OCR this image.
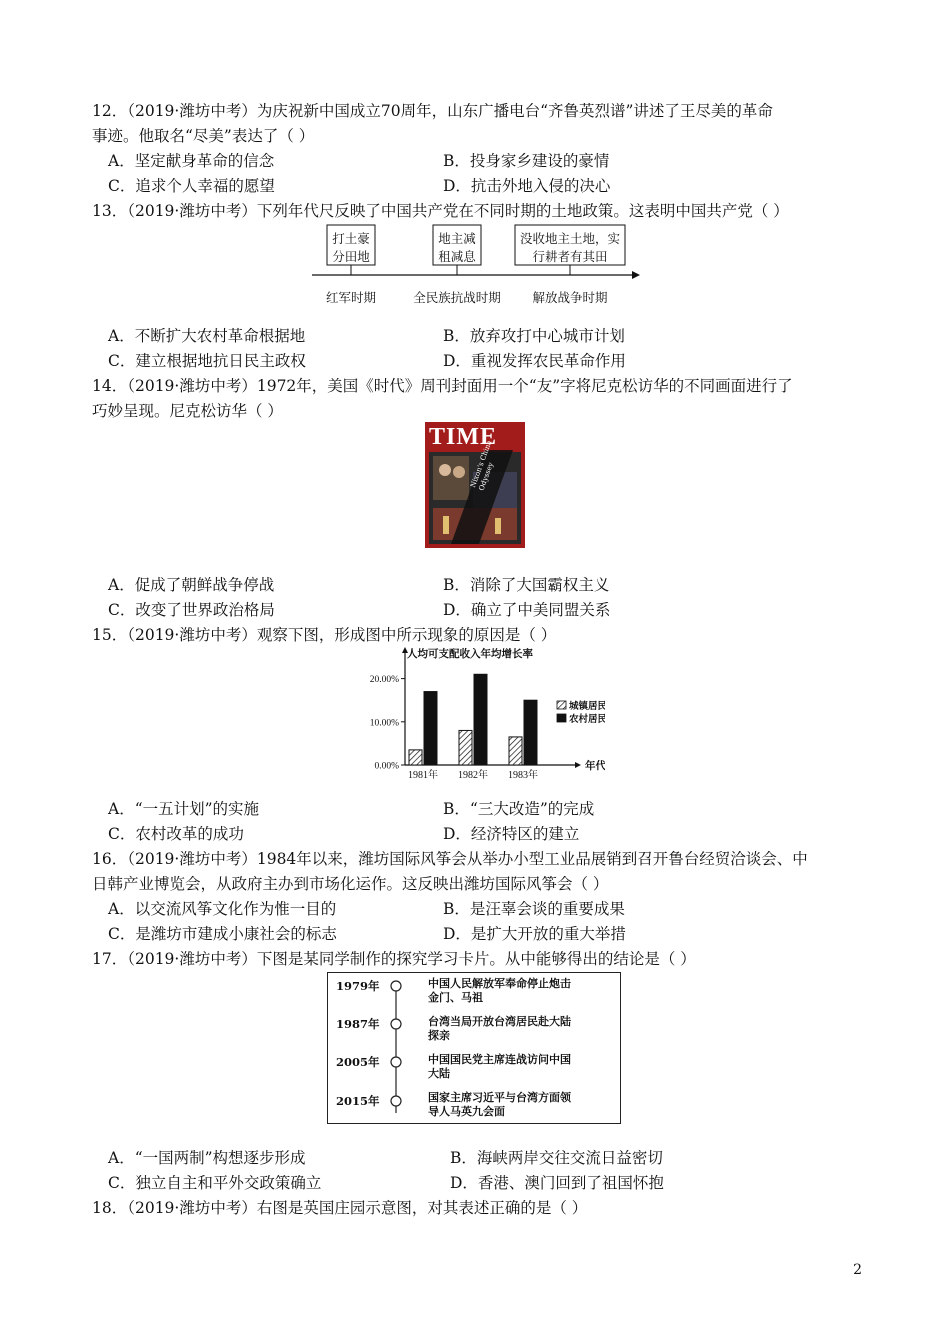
12．（2019·潍坊中考）为庆祝新中国成立70周年，山东广播电台“齐鲁英烈谱”讲述了王尽美的革命
事迹。他取名“尽美”表达了（ ）
A．坚定献身革命的信念	B．投身家乡建设的豪情
C．追求个人幸福的愿望	D．抗击外地入侵的决心
13．（2019·潍坊中考）下列年代尺反映了中国共产党在不同时期的土地政策。这表明中国共产党（ ）
打土豪
分田地
地主减
租减息
没收地主土地，实
行耕者有其田
红军时期	全民族抗战时期	解放战争时期
A．不断扩大农村革命根据地	B．放弃攻打中心城市计划
C．建立根据地抗日民主政权	D．重视发挥农民革命作用
14．（2019·潍坊中考）1972年，美国《时代》周刊封面用一个“友”字将尼克松访华的不同画面进行了
巧妙呈现。尼克松访华（ ）
TIME
Nixon's China Odyssey
A．促成了朝鲜战争停战	B．消除了大国霸权主义
C．改变了世界政治格局	D．确立了中美同盟关系
15．（2019·潍坊中考）观察下图，形成图中所示现象的原因是（ ）
人均可支配收入年均增长率
0.00%
10.00%
20.00%
1981年 1982年 1983年
年代
城镇居民
农村居民
A．“一五计划”的实施	B．“三大改造”的完成
C．农村改革的成功	D．经济特区的建立
16．（2019·潍坊中考）1984年以来，潍坊国际风筝会从举办小型工业品展销到召开鲁台经贸洽谈会、中
日韩产业博览会，从政府主办到市场化运作。这反映出潍坊国际风筝会（ ）
A．以交流风筝文化作为惟一目的	B．是汪辜会谈的重要成果
C．是潍坊市建成小康社会的标志	D．是扩大开放的重大举措
17．（2019·潍坊中考）下图是某同学制作的探究学习卡片。从中能够得出的结论是（ ）
1979年	中国人民解放军奉命停止炮击
金门、马祖
1987年	台湾当局开放台湾居民赴大陆
探亲
2005年	中国国民党主席连战访问中国
大陆
2015年	国家主席习近平与台湾方面领
导人马英九会面
A．“一国两制”构想逐步形成	B．海峡两岸交往交流日益密切
C．独立自主和平外交政策确立	D．香港、澳门回到了祖国怀抱
18．（2019·潍坊中考）右图是英国庄园示意图，对其表述正确的是（ ）
2
